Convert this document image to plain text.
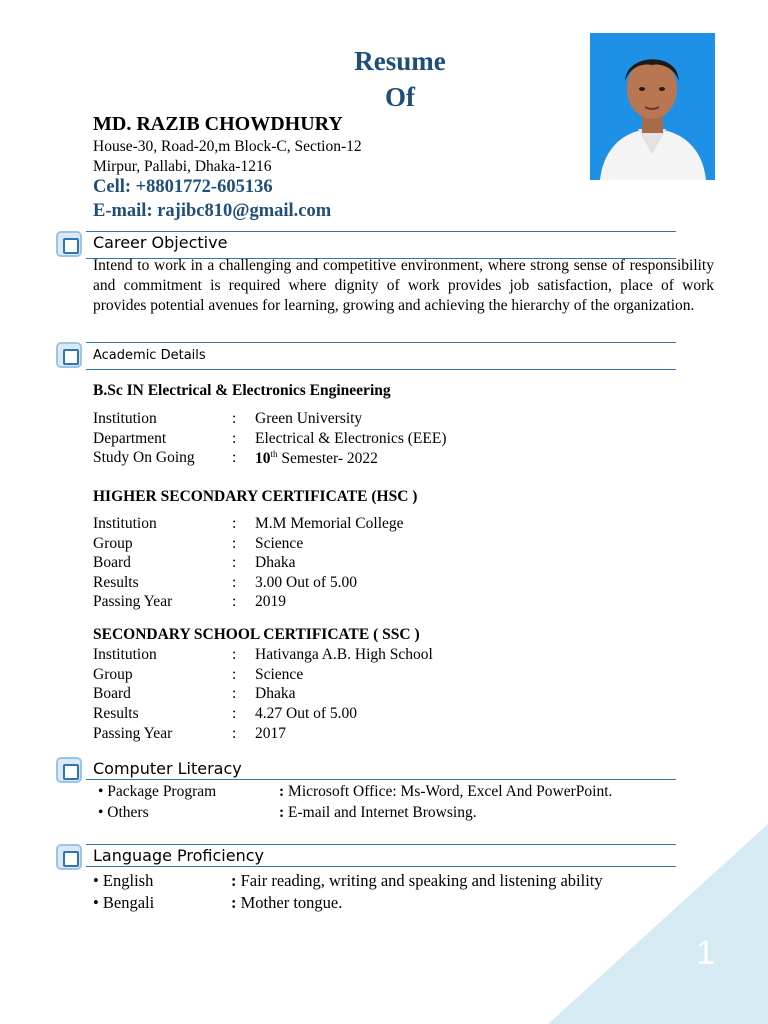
Resume
Of
MD. RAZIB CHOWDHURY
House-30, Road-20,m Block-C, Section-12
Mirpur, Pallabi, Dhaka-1216
Cell: +8801772-605136
E-mail: rajibc810@gmail.com
Career Objective
Intend to work in a challenging and competitive environment, where strong sense of responsibility and commitment is required where dignity of work provides job satisfaction, place of work provides potential avenues for learning, growing and achieving the hierarchy of the organization.
Academic Details
B.Sc IN Electrical & Electronics Engineering
Institution	: Green University
Department	: Electrical & Electronics (EEE)
Study On Going : 10th Semester- 2022
HIGHER SECONDARY CERTIFICATE (HSC )
Institution	: M.M Memorial College
Group	: Science
Board	: Dhaka
Results	: 3.00 Out of 5.00
Passing Year	: 2019
SECONDARY SCHOOL CERTIFICATE ( SSC )
Institution	: Hativanga A.B. High School
Group	: Science
Board	: Dhaka
Results	: 4.27 Out of 5.00
Passing Year	: 2017
Computer Literacy
• Package Program	: Microsoft Office: Ms-Word, Excel And PowerPoint.
• Others	: E-mail and Internet Browsing.
Language Proficiency
• English	: Fair reading, writing and speaking and listening ability
• Bengali	: Mother tongue.
1
